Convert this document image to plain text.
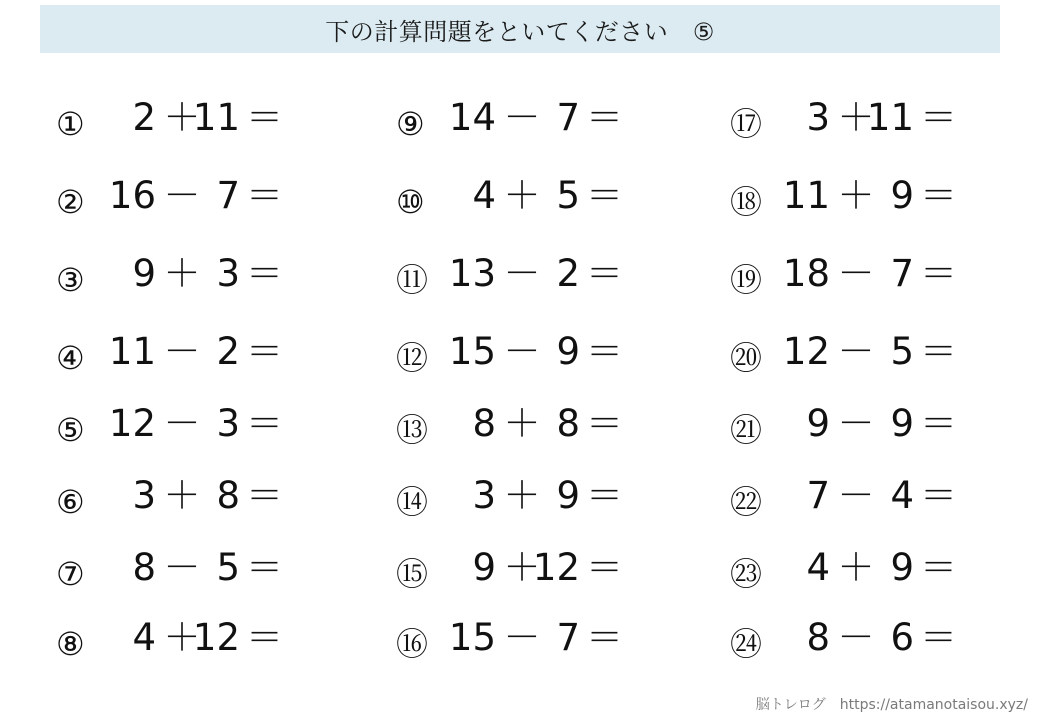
下の計算問題をといてください　⑤
①	2 ＋
11 ＝
② 16 － 7 ＝
③	9 ＋ 3 ＝
④ 11 － 2 ＝
⑤ 12 － 3 ＝
⑥	3 ＋ 8 ＝
⑦	8 － 5 ＝
⑧	4 ＋
12 ＝
⑨ 14 － 7 ＝
⑩	4 ＋ 5 ＝
⑪ 13 － 2 ＝
⑫ 15 － 9 ＝
⑬	8 ＋ 8 ＝
⑭	3 ＋ 9 ＝
⑮	9 ＋
12 ＝
⑯ 15 － 7 ＝
⑰	3 ＋
11 ＝
⑱ 11 ＋ 9 ＝
⑲ 18 － 7 ＝
⑳ 12 － 5 ＝
㉑	9 － 9 ＝
㉒	7 － 4 ＝
㉓	4 ＋ 9 ＝
㉔	8 － 6 ＝
脳トレログ　https://atamanotaisou.xyz/
